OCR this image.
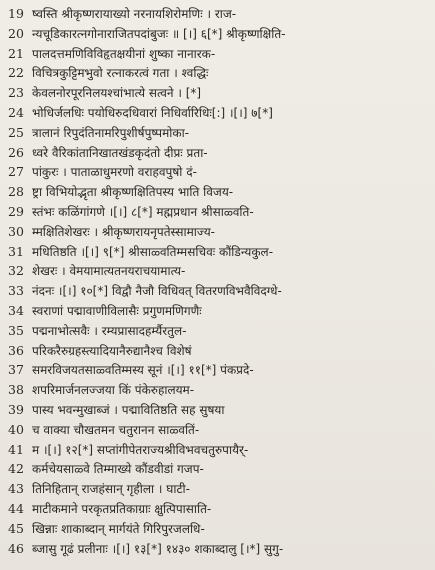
19 ष्वस्ति श्रीकृष्णरायाख्यो नरनायशिरोमणिः । राज-
20 न्यचूडिकारत्नगोनाराजितपदांबुजः ॥ [।] ६[*] श्रीकृष्णक्षिति-
21 पालदत्तमणिविविहृतक्षयीनां शुष्का नानारक-
22 विचित्रकुट्टिमभुवो रत्नाकरत्वं गता । श्वद्धिः
23 केवलनोरपूरनिलयश्चांभात्ये सत्वने । [*]
24 भोधिर्जलधिः पयोधिरुदधिवारां निधिर्वारिधिः[:] ।[।] ७[*]
25 त्रालानं रिपुदंतिनामरिपुशीर्षपुष्पमोका-
26 ध्वरे वैरिकांतानिखातखंडकृदंतो दीप्रः प्रता-
27 पांकुरः । पाताळाधुमरणो वराहवपुषो दं-
28 ष्ट्रा विभियोद्भृता श्रीकृष्णक्षितिपस्य भाति विजय-
29 स्तंभः कळिंगांगणे ।[।] ८[*] मह्मप्रधान श्रीसाळ्वति-
30 म्मक्षितिशेखरः । श्रीकृष्णरायनृपतेस्सामाज्य-
31 मधितिष्ठति ।[।] ९[*] श्रीसाळ्वतिम्मसचिवः कौंडिन्यकुल-
32 शेखरः । वेमयामात्यतनयराचयामात्य-
33 नंदनः ।[।] १०[*] विद्वौ नैजौ विधिवत् वितरणविभवैविदग्धे-
34 स्वराणां पद्मावाणीविलासैः प्रगुणमणिगणैः
35 पद्मनाभोत्सवैः । रम्यप्रासादहर्म्यैरतुल-
36 परिकरैरुग्रहस्त्यादियानैरुद्यानैश्च विशेषं
37 समरविजयतसाळ्वतिम्मस्य सूनं ।[।] ११[*] पंकप्रदे-
38 शपरिमार्जनलज्जया किं पंकेरुहालयम-
39 पास्य भवन्मुखाब्जं । पद्मावितिष्ठति सह सुषया
40 च वाक्या चौखतमन चतुरानन साळ्वतिं-
41 म ।[।] १२[*] सप्तांगीपेतराज्यश्रीविभवचतुरुपायैर्-
42 कर्मचेयसाळ्वे तिम्माख्ये कौंडवीडां गजप-
43 तिनिहितान् राजहंसान् गृहीला । घाटी-
44 माटीकमाने परकृतप्रतिकाग्राः क्षुत्पिपासाति-
45 खिन्नाः शाकाब्दान् मार्गयंते गिरिपुरजलधि-
46 ब्जासु गूढं प्रलीनाः ।[।] १३[*] १४३० शकाब्दालु [।*] सुगु-
